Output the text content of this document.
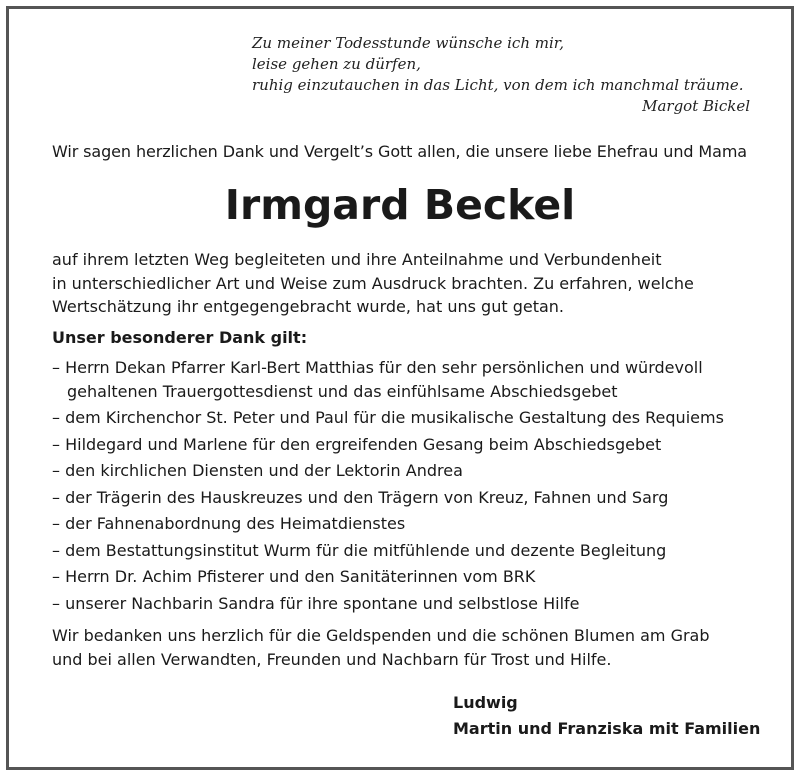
Zu meiner Todesstunde wünsche ich mir,
leise gehen zu dürfen,
ruhig einzutauchen in das Licht, von dem ich manchmal träume.
Margot Bickel
Wir sagen herzlichen Dank und Vergelt’s Gott allen, die unsere liebe Ehefrau und Mama
Irmgard Beckel
auf ihrem letzten Weg begleiteten und ihre Anteilnahme und Verbundenheit
in unterschiedlicher Art und Weise zum Ausdruck brachten. Zu erfahren, welche
Wertschätzung ihr entgegengebracht wurde, hat uns gut getan.
Unser besonderer Dank gilt:
– Herrn Dekan Pfarrer Karl-Bert Matthias für den sehr persönlichen und würdevoll
gehaltenen Trauergottesdienst und das einfühlsame Abschiedsgebet
– dem Kirchenchor St. Peter und Paul für die musikalische Gestaltung des Requiems
– Hildegard und Marlene für den ergreifenden Gesang beim Abschiedsgebet
– den kirchlichen Diensten und der Lektorin Andrea
– der Trägerin des Hauskreuzes und den Trägern von Kreuz, Fahnen und Sarg
– der Fahnenabordnung des Heimatdienstes
– dem Bestattungsinstitut Wurm für die mitfühlende und dezente Begleitung
– Herrn Dr. Achim Pfisterer und den Sanitäterinnen vom BRK
– unserer Nachbarin Sandra für ihre spontane und selbstlose Hilfe
Wir bedanken uns herzlich für die Geldspenden und die schönen Blumen am Grab
und bei allen Verwandten, Freunden und Nachbarn für Trost und Hilfe.
Ludwig
Martin und Franziska mit Familien
